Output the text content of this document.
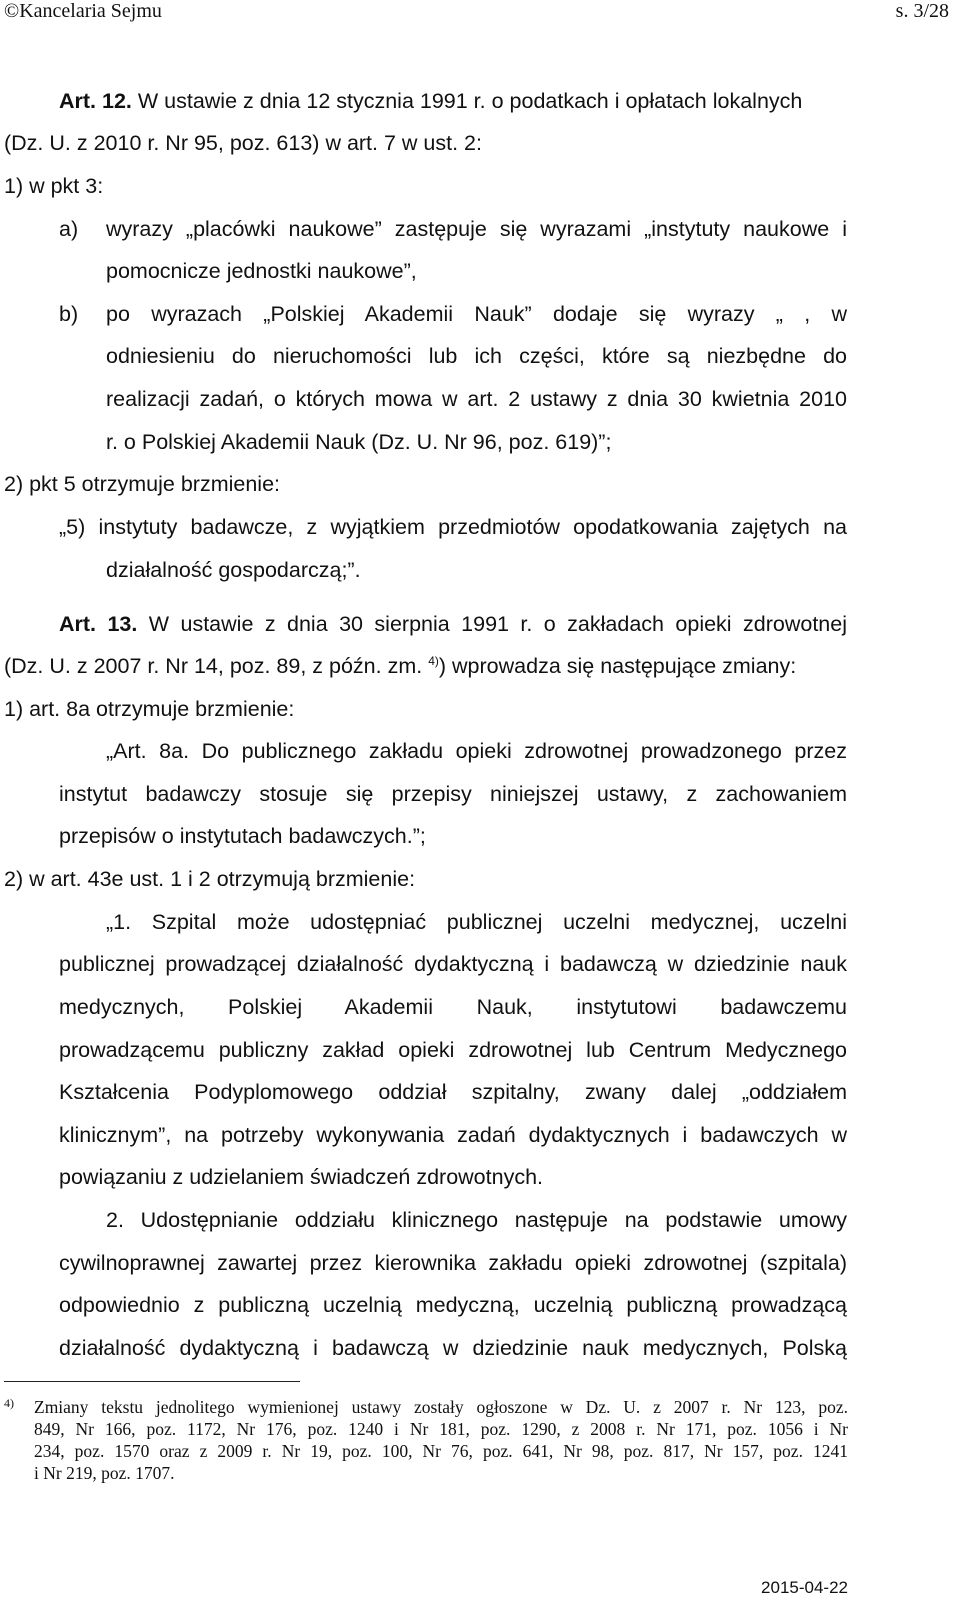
©Kancelaria Sejmu	s. 3/28
Art. 12. W ustawie z dnia 12 stycznia 1991 r. o podatkach i opłatach lokalnych
(Dz. U. z 2010 r. Nr 95, poz. 613) w art. 7 w ust. 2:
1) w pkt 3:
a) wyrazy „placówki naukowe” zastępuje się wyrazami „instytuty naukowe i
pomocnicze jednostki naukowe”,
b) po wyrazach „Polskiej Akademii Nauk” dodaje się wyrazy „ , w
odniesieniu do nieruchomości lub ich części, które są niezbędne do
realizacji zadań, o których mowa w art. 2 ustawy z dnia 30 kwietnia 2010
r. o Polskiej Akademii Nauk (Dz. U. Nr 96, poz. 619)”;
2) pkt 5 otrzymuje brzmienie:
„5) instytuty badawcze, z wyjątkiem przedmiotów opodatkowania zajętych na
działalność gospodarczą;”.
Art. 13. W ustawie z dnia 30 sierpnia 1991 r. o zakładach opieki zdrowotnej
(Dz. U. z 2007 r. Nr 14, poz. 89, z późn. zm. $^{4)}$) wprowadza się następujące zmiany:
1) art. 8a otrzymuje brzmienie:
„Art. 8a. Do publicznego zakładu opieki zdrowotnej prowadzonego przez
instytut badawczy stosuje się przepisy niniejszej ustawy, z zachowaniem
przepisów o instytutach badawczych.”;
2) w art. 43e ust. 1 i 2 otrzymują brzmienie:
„1. Szpital może udostępniać publicznej uczelni medycznej, uczelni
publicznej prowadzącej działalność dydaktyczną i badawczą w dziedzinie nauk
medycznych, Polskiej Akademii Nauk, instytutowi badawczemu
prowadzącemu publiczny zakład opieki zdrowotnej lub Centrum Medycznego
Kształcenia Podyplomowego oddział szpitalny, zwany dalej „oddziałem
klinicznym”, na potrzeby wykonywania zadań dydaktycznych i badawczych w
powiązaniu z udzielaniem świadczeń zdrowotnych.
2. Udostępnianie oddziału klinicznego następuje na podstawie umowy
cywilnoprawnej zawartej przez kierownika zakładu opieki zdrowotnej (szpitala)
odpowiednio z publiczną uczelnią medyczną, uczelnią publiczną prowadzącą
działalność dydaktyczną i badawczą w dziedzinie nauk medycznych, Polską
4) Zmiany tekstu jednolitego wymienionej ustawy zostały ogłoszone w Dz. U. z 2007 r. Nr 123, poz.
849, Nr 166, poz. 1172, Nr 176, poz. 1240 i Nr 181, poz. 1290, z 2008 r. Nr 171, poz. 1056 i Nr
234, poz. 1570 oraz z 2009 r. Nr 19, poz. 100, Nr 76, poz. 641, Nr 98, poz. 817, Nr 157, poz. 1241
i Nr 219, poz. 1707.
2015-04-22
